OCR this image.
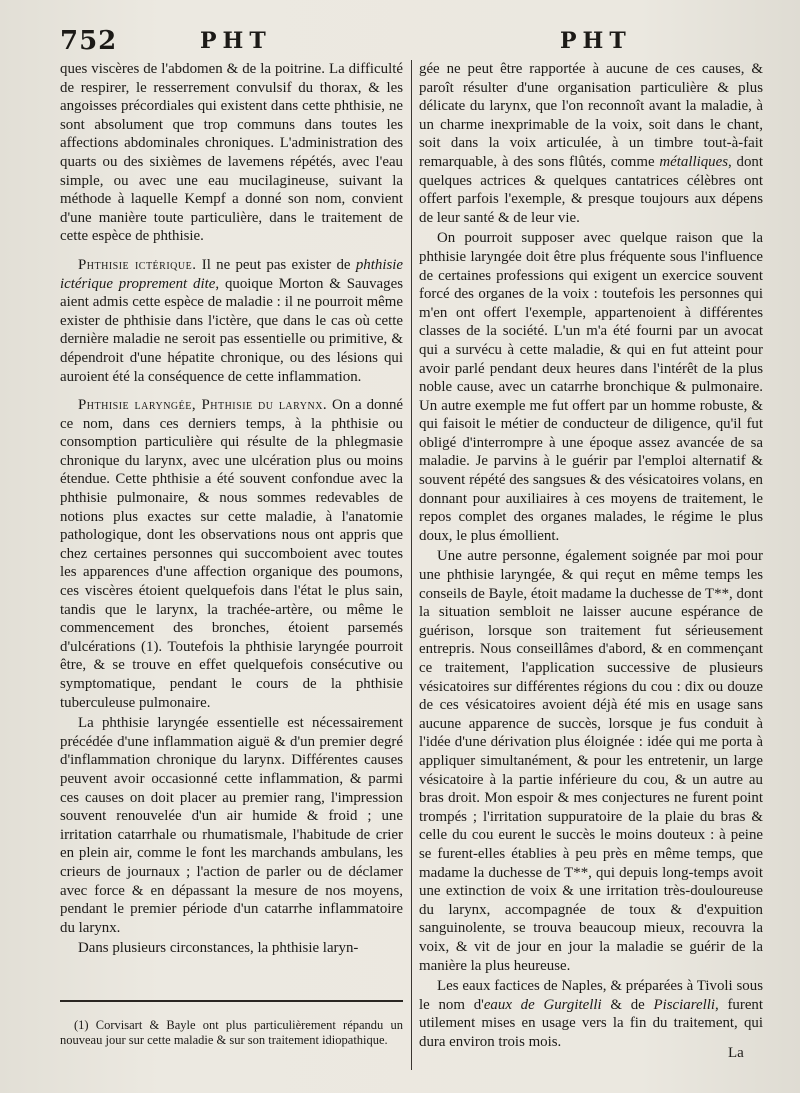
752	PHT	PHT

ques viscères de l'abdomen & de la poitrine. La difficulté de respirer, le resserrement convulsif du thorax, & les angoisses précordiales qui existent dans cette phthisie, ne sont absolument que trop communs dans toutes les affections abdominales chroniques. L'administration des quarts ou des sixièmes de lavemens répétés, avec l'eau simple, ou avec une eau mucilagineuse, suivant la méthode à laquelle Kempf a donné son nom, convient d'une manière toute particulière, dans le traitement de cette espèce de phthisie.

Phthisie ictérique. Il ne peut pas exister de phthisie ictérique proprement dite, quoique Morton & Sauvages aient admis cette espèce de maladie : il ne pourroit même exister de phthisie dans l'ictère, que dans le cas où cette dernière maladie ne seroit pas essentielle ou primitive, & dépendroit d'une hépatite chronique, ou des lésions qui auroient été la conséquence de cette inflammation.

Phthisie laryngée, Phthisie du larynx. On a donné ce nom, dans ces derniers temps, à la phthisie ou consomption particulière qui résulte de la phlegmasie chronique du larynx, avec une ulcération plus ou moins étendue. Cette phthisie a été souvent confondue avec la phthisie pulmonaire, & nous sommes redevables de notions plus exactes sur cette maladie, à l'anatomie pathologique, dont les observations nous ont appris que chez certaines personnes qui succomboient avec toutes les apparences d'une affection organique des poumons, ces viscères étoient quelquefois dans l'état le plus sain, tandis que le larynx, la trachée-artère, ou même le commencement des bronches, étoient parsemés d'ulcérations (1). Toutefois la phthisie laryngée pourroit être, & se trouve en effet quelquefois consécutive ou symptomatique, pendant le cours de la phthisie tuberculeuse pulmonaire.

La phthisie laryngée essentielle est nécessairement précédée d'une inflammation aiguë & d'un premier degré d'inflammation chronique du larynx. Différentes causes peuvent avoir occasionné cette inflammation, & parmi ces causes on doit placer au premier rang, l'impression souvent renouvelée d'un air humide & froid ; une irritation catarrhale ou rhumatismale, l'habitude de crier en plein air, comme le font les marchands ambulans, les crieurs de journaux ; l'action de parler ou de déclamer avec force & en dépassant la mesure de nos moyens, pendant le premier période d'un catarrhe inflammatoire du larynx.

Dans plusieurs circonstances, la phthisie laryn-

gée ne peut être rapportée à aucune de ces causes, & paroît résulter d'une organisation particulière & plus délicate du larynx, que l'on reconnoît avant la maladie, à un charme inexprimable de la voix, soit dans le chant, soit dans la voix articulée, à un timbre tout-à-fait remarquable, à des sons flûtés, comme métalliques, dont quelques actrices & quelques cantatrices célèbres ont offert parfois l'exemple, & presque toujours aux dépens de leur santé & de leur vie.

On pourroit supposer avec quelque raison que la phthisie laryngée doit être plus fréquente sous l'influence de certaines professions qui exigent un exercice souvent forcé des organes de la voix : toutefois les personnes qui m'en ont offert l'exemple, appartenoient à différentes classes de la société. L'un m'a été fourni par un avocat qui a survécu à cette maladie, & qui en fut atteint pour avoir parlé pendant deux heures dans l'intérêt de la plus noble cause, avec un catarrhe bronchique & pulmonaire. Un autre exemple me fut offert par un homme robuste, & qui faisoit le métier de conducteur de diligence, qu'il fut obligé d'interrompre à une époque assez avancée de sa maladie. Je parvins à le guérir par l'emploi alternatif & souvent répété des sangsues & des vésicatoires volans, en donnant pour auxiliaires à ces moyens de traitement, le repos complet des organes malades, le régime le plus doux, le plus émollient.

Une autre personne, également soignée par moi pour une phthisie laryngée, & qui reçut en même temps les conseils de Bayle, étoit madame la duchesse de T**, dont la situation sembloit ne laisser aucune espérance de guérison, lorsque son traitement fut sérieusement entrepris. Nous conseillâmes d'abord, & en commençant ce traitement, l'application successive de plusieurs vésicatoires sur différentes régions du cou : dix ou douze de ces vésicatoires avoient déjà été mis en usage sans aucune apparence de succès, lorsque je fus conduit à l'idée d'une dérivation plus éloignée : idée qui me porta à appliquer simultanément, & pour les entretenir, un large vésicatoire à la partie inférieure du cou, & un autre au bras droit. Mon espoir & mes conjectures ne furent point trompés ; l'irritation suppuratoire de la plaie du bras & celle du cou eurent le succès le moins douteux : à peine se furent-elles établies à peu près en même temps, que madame la duchesse de T**, qui depuis long-temps avoit une extinction de voix & une irritation très-douloureuse du larynx, accompagnée de toux & d'expuition sanguinolente, se trouva beaucoup mieux, recouvra la voix, & vit de jour en jour la maladie se guérir de la manière la plus heureuse.

Les eaux factices de Naples, & préparées à Tivoli sous le nom d'eaux de Gurgitelli & de Pisciarelli, furent utilement mises en usage vers la fin du traitement, qui dura environ trois mois.

(1) Corvisart & Bayle ont plus particulièrement répandu un nouveau jour sur cette maladie & sur son traitement idiopathique.

La
